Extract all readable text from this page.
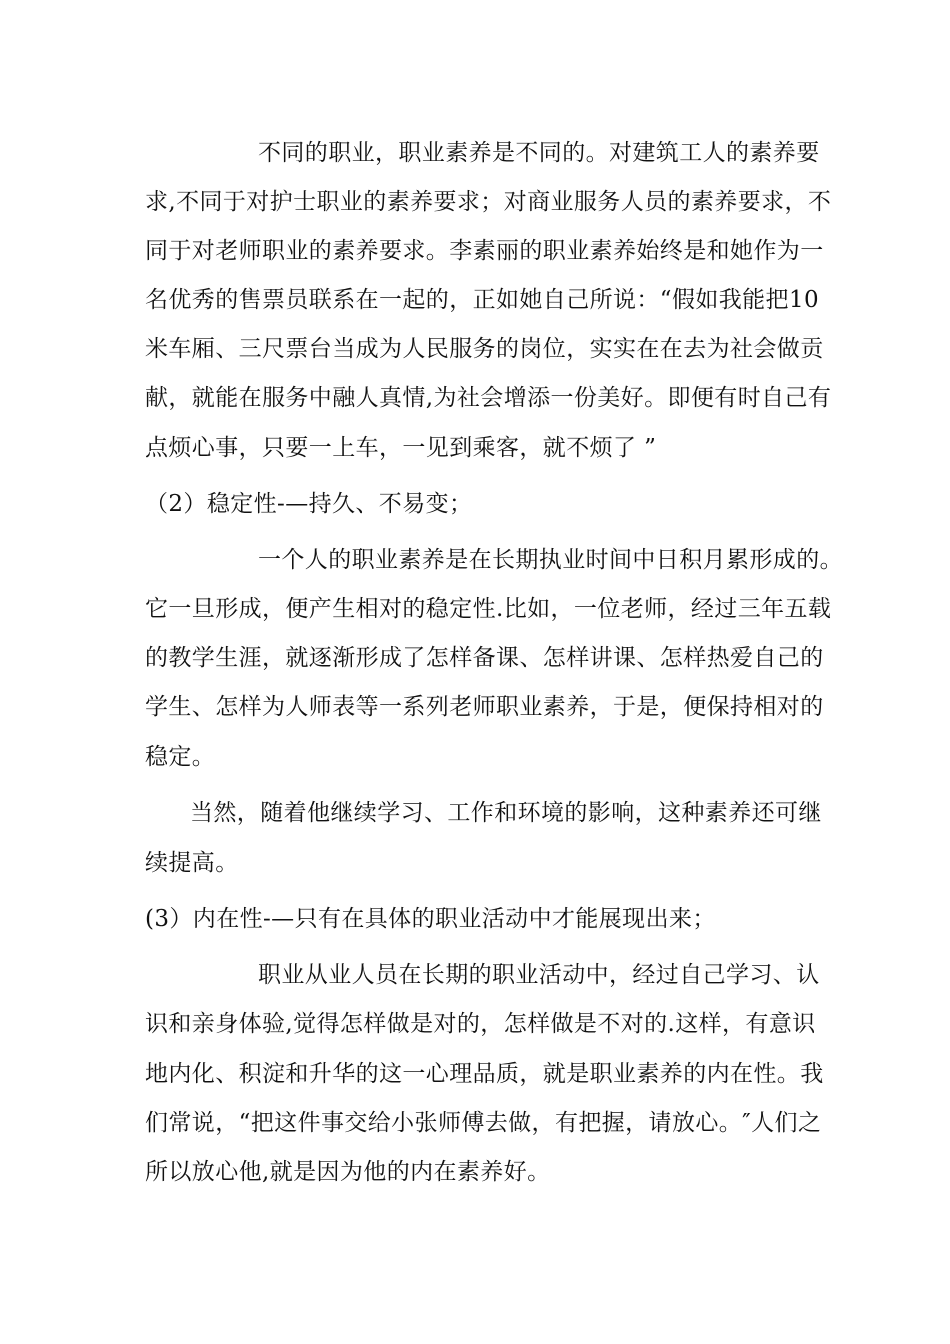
不同的职业，职业素养是不同的。对建筑工人的素养要
求,不同于对护士职业的素养要求；对商业服务人员的素养要求，不
同于对老师职业的素养要求。李素丽的职业素养始终是和她作为一
名优秀的售票员联系在一起的，正如她自己所说：“假如我能把10
米车厢、三尺票台当成为人民服务的岗位，实实在在去为社会做贡
献，就能在服务中融人真情,为社会增添一份美好。即便有时自己有
点烦心事，只要一上车，一见到乘客，就不烦了 ”
（2）稳定性-—持久、不易变；
一个人的职业素养是在长期执业时间中日积月累形成的。
它一旦形成，便产生相对的稳定性.比如，一位老师，经过三年五载
的教学生涯，就逐渐形成了怎样备课、怎样讲课、怎样热爱自己的
学生、怎样为人师表等一系列老师职业素养，于是，便保持相对的
稳定。
当然，随着他继续学习、工作和环境的影响，这种素养还可继
续提高。
(3）内在性-—只有在具体的职业活动中才能展现出来；
职业从业人员在长期的职业活动中，经过自己学习、认
识和亲身体验,觉得怎样做是对的，怎样做是不对的.这样，有意识
地内化、积淀和升华的这一心理品质，就是职业素养的内在性。我
们常说，“把这件事交给小张师傅去做，有把握，请放心。″人们之
所以放心他,就是因为他的内在素养好。
